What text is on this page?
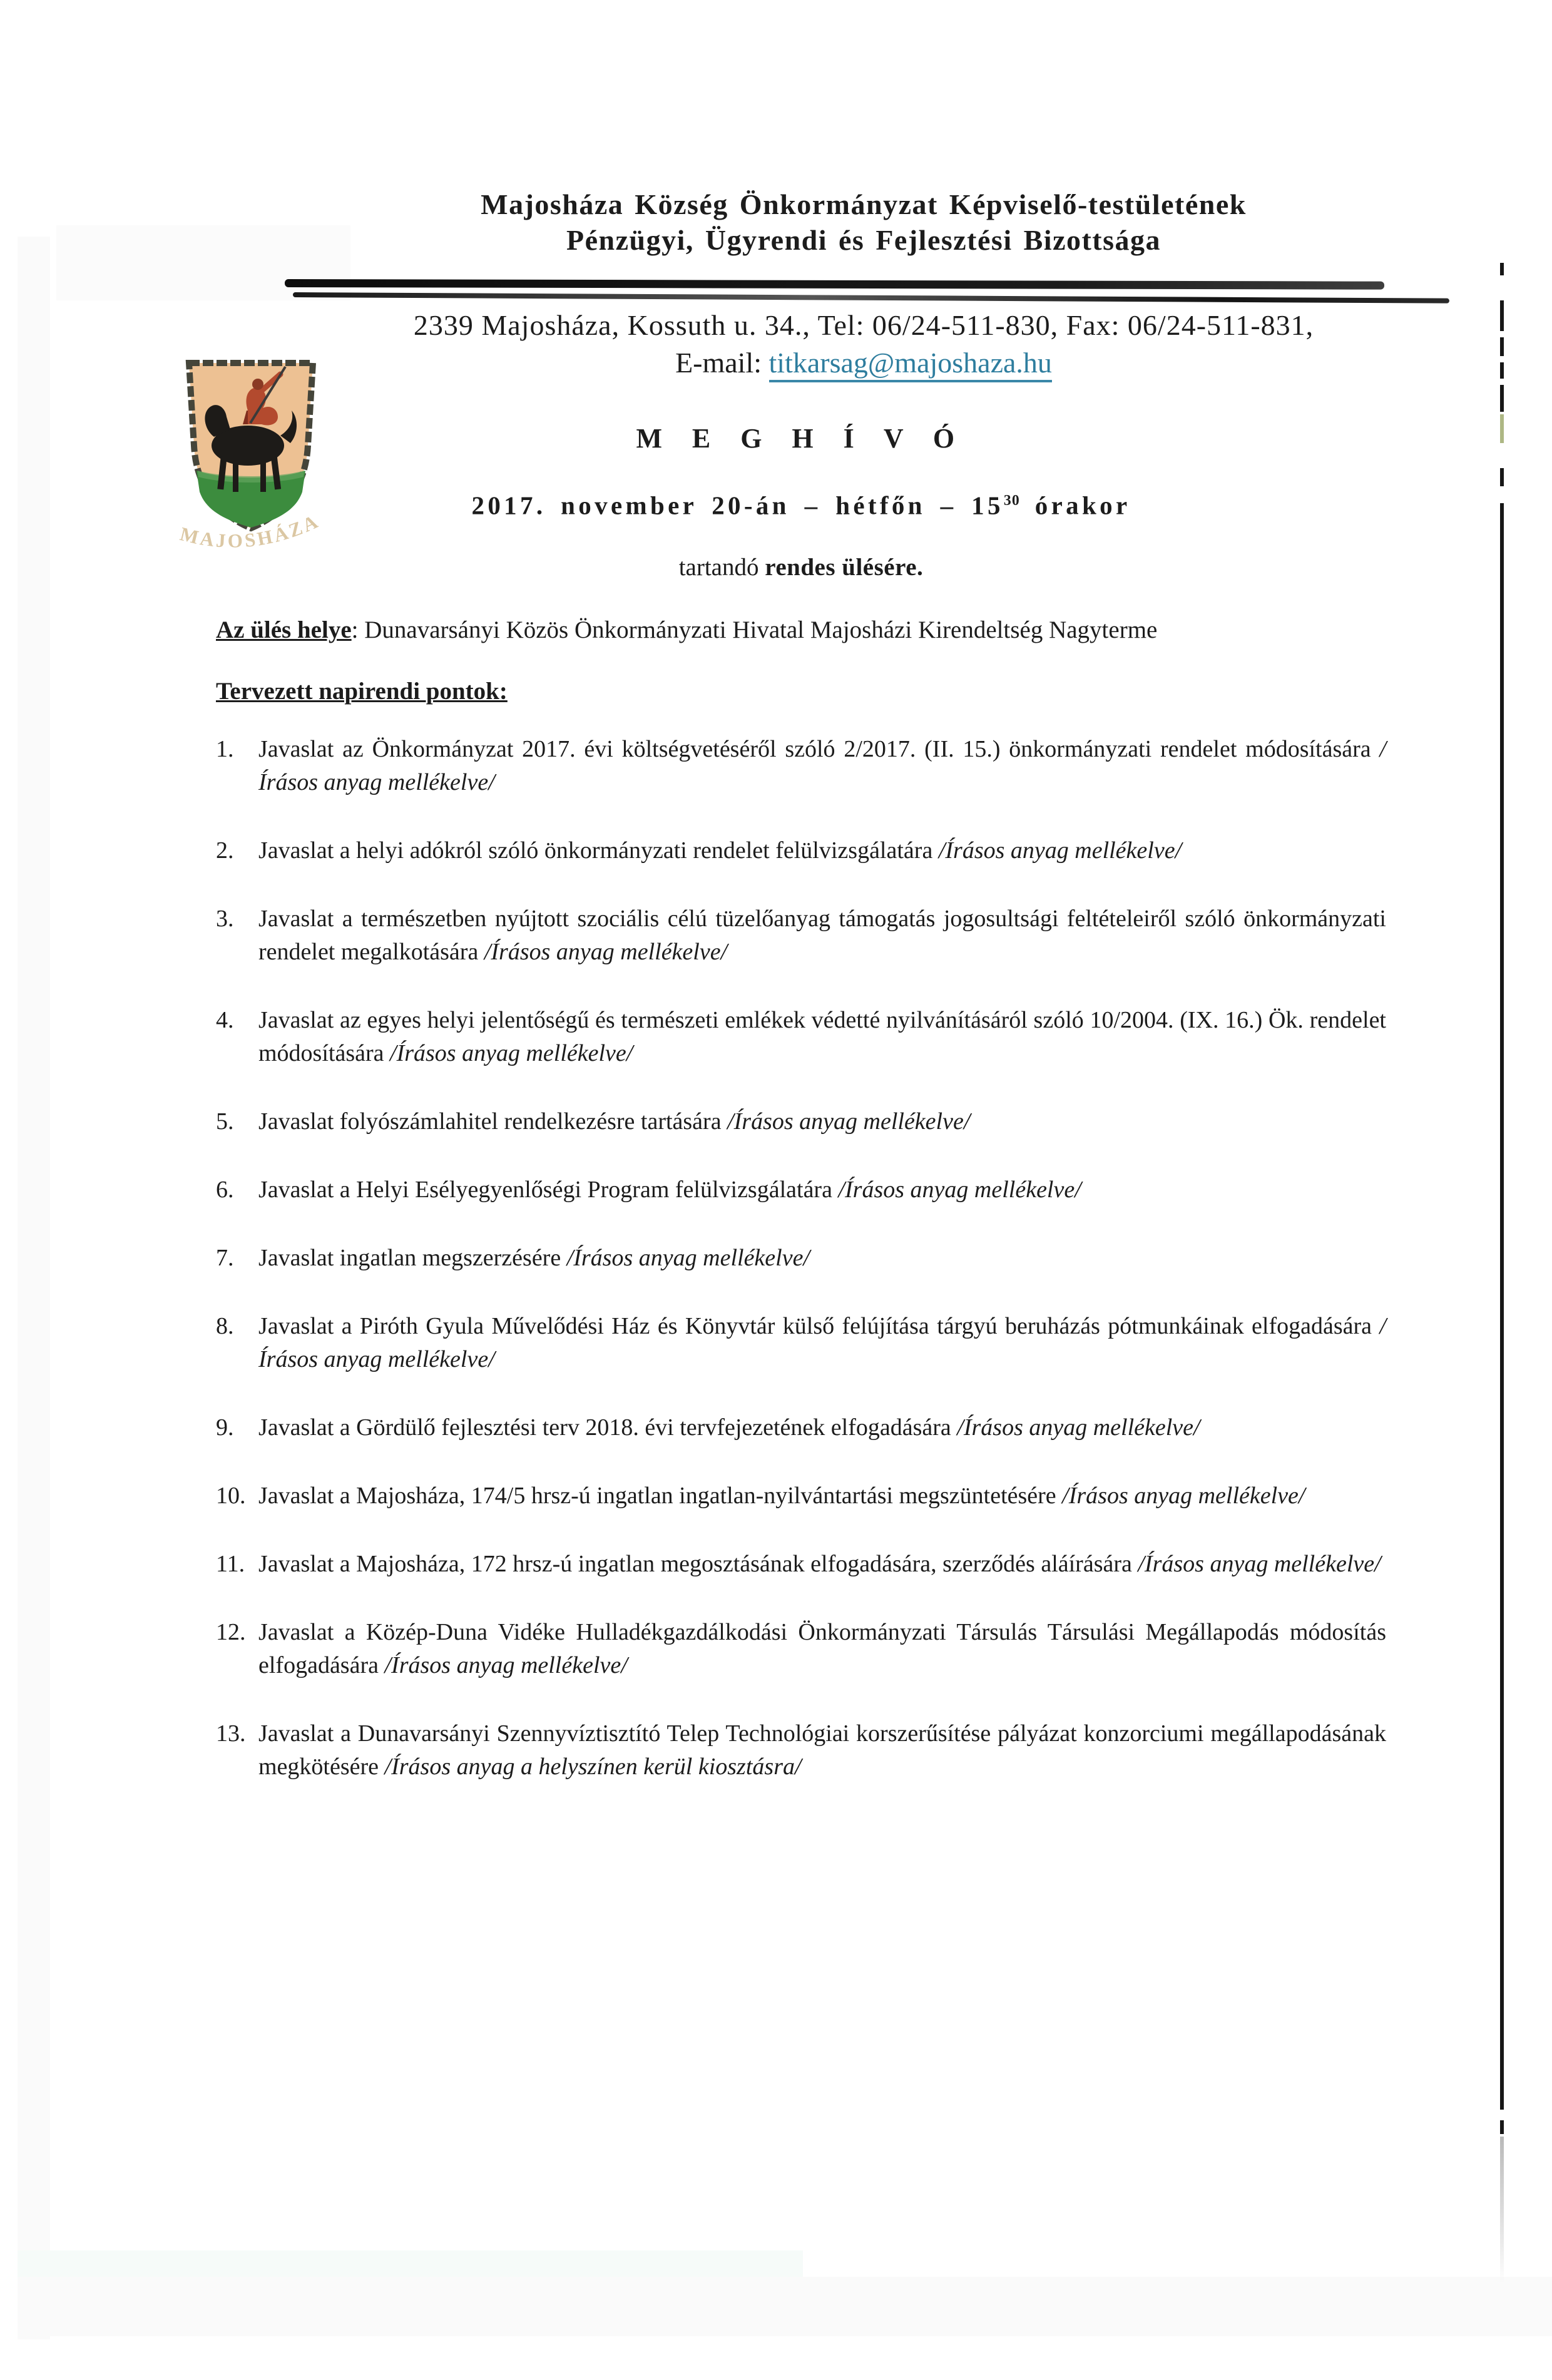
MAJOSHÁZA
Majosháza Község Önkormányzat Képviselő-testületének
Pénzügyi, Ügyrendi és Fejlesztési Bizottsága
2339 Majosháza, Kossuth u. 34., Tel: 06/24-511-830, Fax: 06/24-511-831,
E-mail: titkarsag@majoshaza.hu
M E G H Í V Ó
2017. november 20-án – hétfőn – $15^{30}$ órakor
tartandó rendes ülésére.
Az ülés helye: Dunavarsányi Közös Önkormányzati Hivatal Majosházi Kirendeltség Nagyterme
Tervezett napirendi pontok:
1.	Javaslat az Önkormányzat 2017. évi költségvetéséről szóló 2/2017. (II. 15.) önkormányzati rendelet módosítására /Írásos anyag mellékelve/

2.	Javaslat a helyi adókról szóló önkormányzati rendelet felülvizsgálatára /Írásos anyag mellékelve/

3.	Javaslat a természetben nyújtott szociális célú tüzelőanyag támogatás jogosultsági feltételeiről szóló önkormányzati rendelet megalkotására /Írásos anyag mellékelve/

4.	Javaslat az egyes helyi jelentőségű és természeti emlékek védetté nyilvánításáról szóló 10/2004. (IX. 16.) Ök. rendelet módosítására /Írásos anyag mellékelve/

5.	Javaslat folyószámlahitel rendelkezésre tartására /Írásos anyag mellékelve/

6.	Javaslat a Helyi Esélyegyenlőségi Program felülvizsgálatára /Írásos anyag mellékelve/

7.	Javaslat ingatlan megszerzésére /Írásos anyag mellékelve/

8.	Javaslat a Piróth Gyula Művelődési Ház és Könyvtár külső felújítása tárgyú beruházás pótmunkáinak elfogadására /Írásos anyag mellékelve/

9.	Javaslat a Gördülő fejlesztési terv 2018. évi tervfejezetének elfogadására /Írásos anyag mellékelve/

10. Javaslat a Majosháza, 174/5 hrsz-ú ingatlan ingatlan-nyilvántartási megszüntetésére /Írásos anyag mellékelve/

11. Javaslat a Majosháza, 172 hrsz-ú ingatlan megosztásának elfogadására, szerződés aláírására /Írásos anyag mellékelve/

12. Javaslat a Közép-Duna Vidéke Hulladékgazdálkodási Önkormányzati Társulás Társulási Megállapodás módosítás elfogadására /Írásos anyag mellékelve/

13. Javaslat a Dunavarsányi Szennyvíztisztító Telep Technológiai korszerűsítése pályázat konzorciumi megállapodásának megkötésére /Írásos anyag a helyszínen kerül kiosztásra/
